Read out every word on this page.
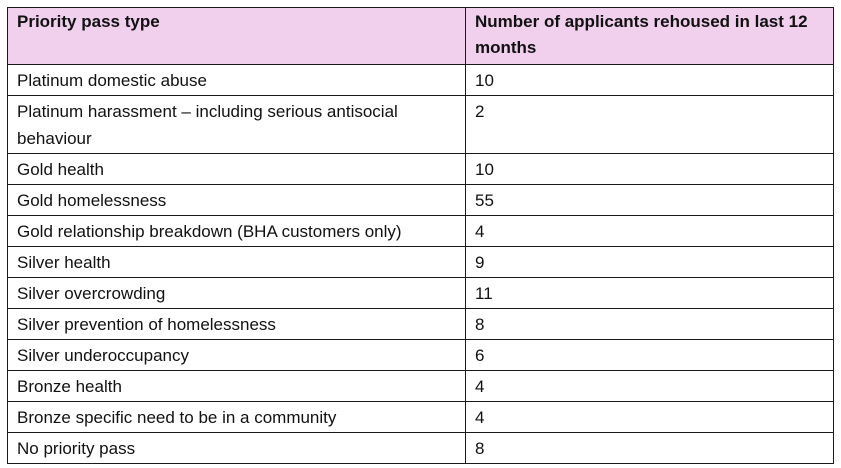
Priority pass type	Number of applicants rehoused in last 12 months
Platinum domestic abuse	10
Platinum harassment – including serious antisocial behaviour	2
Gold health	10
Gold homelessness	55
Gold relationship breakdown (BHA customers only)	4
Silver health	9
Silver overcrowding	11
Silver prevention of homelessness	8
Silver underoccupancy	6
Bronze health	4
Bronze specific need to be in a community	4
No priority pass	8
